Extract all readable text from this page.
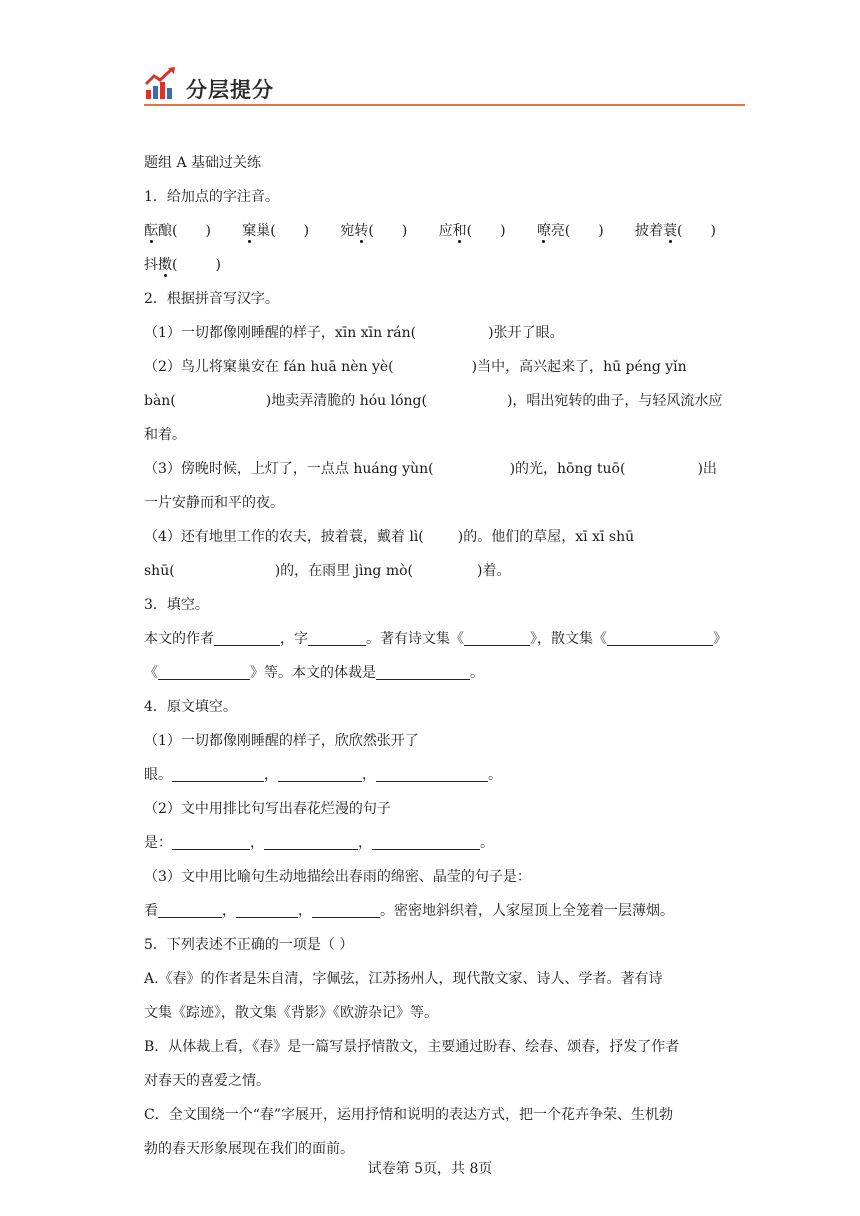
分层提分
题组 A 基础过关练
1．给加点的字注音。
酝酿( ) 窠巢( ) 宛转( ) 应和( ) 嘹亮( ) 披着蓑( )
抖擞(	)
2．根据拼音写汉字。
（1）一切都像刚睡醒的样子，xīn xīn rán(	)张开了眼。
（2）鸟儿将窠巢安在 fán huā nèn yè(	)当中，高兴起来了，hū péng yǐn
bàn(	)地卖弄清脆的 hóu lóng(	)，唱出宛转的曲子，与轻风流水应
和着。
（3）傍晚时候，上灯了，一点点 huáng yùn(	)的光，hōng tuō(	)出
一片安静而和平的夜。
（4）还有地里工作的农夫，披着蓑，戴着 lì( )的。他们的草屋，xī xī shū
shū(	)的，在雨里 jìng mò(	)着。
3．填空。
本文的作者	，字	。著有诗文集《	》，散文集《	》
《	》等。本文的体裁是	。
4．原文填空。
（1）一切都像刚睡醒的样子，欣欣然张开了
眼。	，	，	。
（2）文中用排比句写出春花烂漫的句子
是：	，	，	。
（3）文中用比喻句生动地描绘出春雨的绵密、晶莹的句子是：
看	，	，	。密密地斜织着，人家屋顶上全笼着一层薄烟。
5．下列表述不正确的一项是（ ）
A.《春》的作者是朱自清，字佩弦，江苏扬州人，现代散文家、诗人、学者。著有诗
文集《踪迹》，散文集《背影》《欧游杂记》等。
B．从体裁上看，《春》是一篇写景抒情散文，主要通过盼春、绘春、颂春，抒发了作者
对春天的喜爱之情。
C．全文围绕一个“春”字展开，运用抒情和说明的表达方式，把一个花卉争荣、生机勃
勃的春天形象展现在我们的面前。
试卷第 5页，共 8页
